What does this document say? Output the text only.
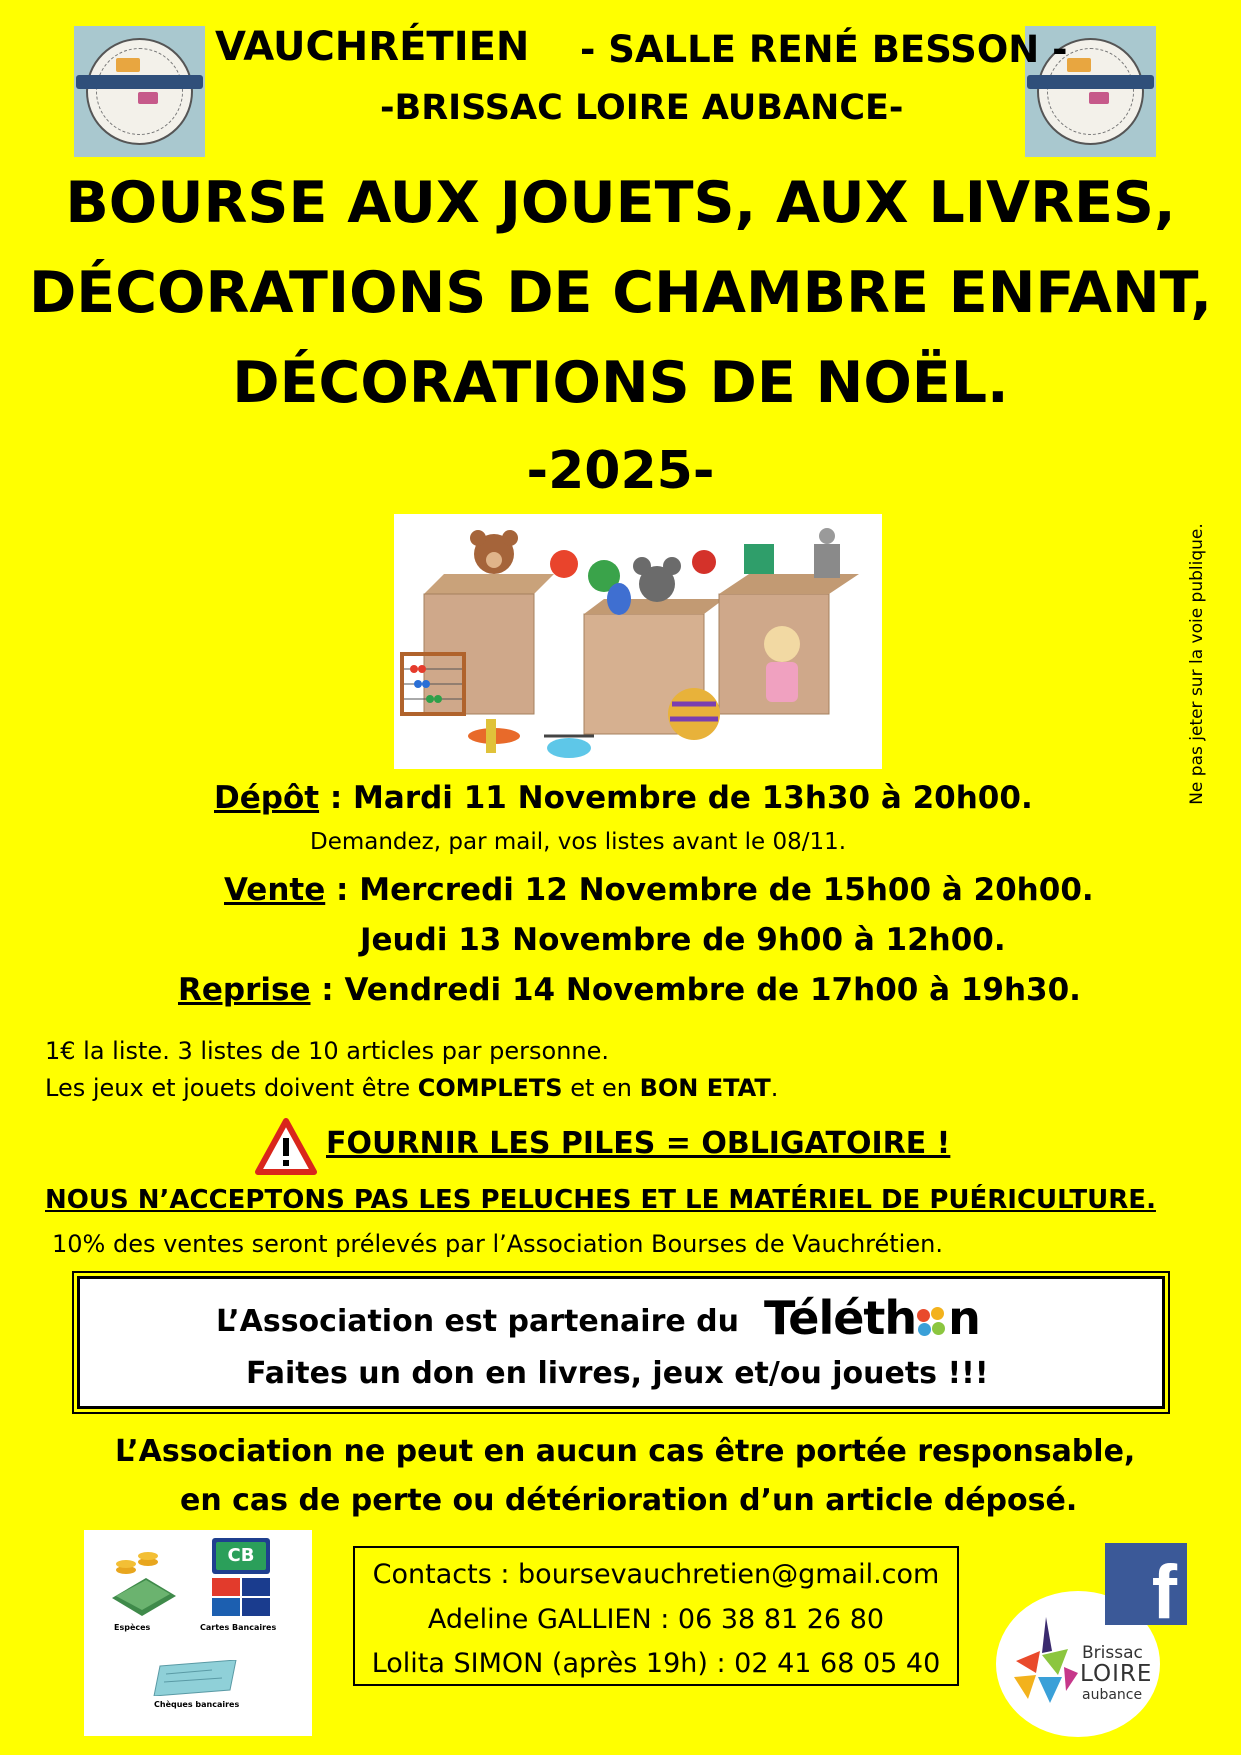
VAUCHRÉTIEN - SALLE RENÉ BESSON -
-BRISSAC LOIRE AUBANCE-
BOURSE AUX JOUETS, AUX LIVRES,
DÉCORATIONS DE CHAMBRE ENFANT,
DÉCORATIONS DE NOËL.
-2025-
Ne pas jeter sur la voie publique.
Dépôt : Mardi 11 Novembre de 13h30 à 20h00.
Demandez, par mail, vos listes avant le 08/11.
Vente : Mercredi 12 Novembre de 15h00 à 20h00.
Jeudi 13 Novembre de 9h00 à 12h00.
Reprise : Vendredi 14 Novembre de 17h00 à 19h30.
1€ la liste. 3 listes de 10 articles par personne.
Les jeux et jouets doivent être COMPLETS et en BON ETAT.
FOURNIR LES PILES = OBLIGATOIRE !
NOUS N’ACCEPTONS PAS LES PELUCHES ET LE MATÉRIEL DE PUÉRICULTURE.
10% des ventes seront prélevés par l’Association Bourses de Vauchrétien.
L’Association est partenaire du Téléth n
Faites un don en livres, jeux et/ou jouets !!!
L’Association ne peut en aucun cas être portée responsable,
en cas de perte ou détérioration d’un article déposé.
Espèces
CB
Cartes Bancaires
Chèques bancaires
Contacts : boursevauchretien@gmail.com
Adeline GALLIEN : 06 38 81 26 80
Lolita SIMON (après 19h) : 02 41 68 05 40	Brissac
LOIRE
aubance
f
